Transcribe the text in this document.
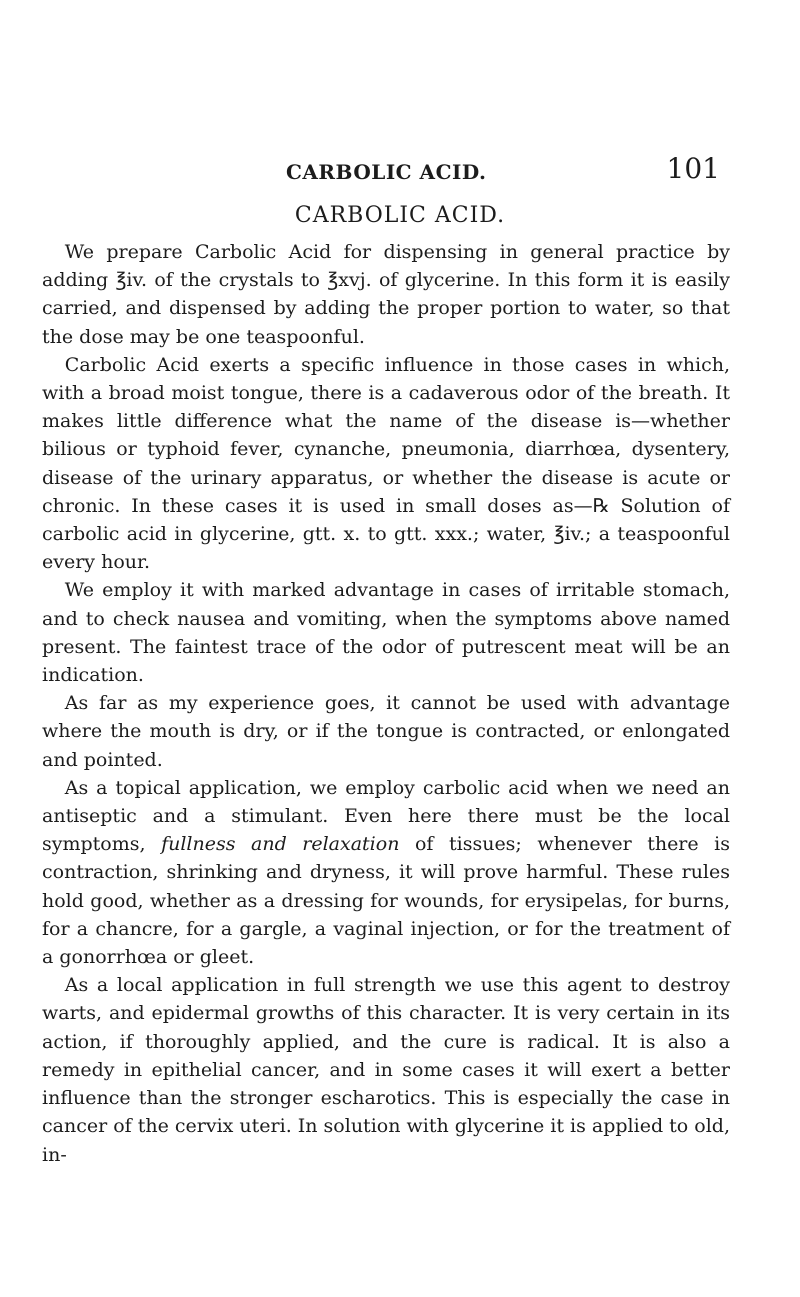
CARBOLIC ACID.	101
CARBOLIC ACID.

We prepare Carbolic Acid for dispensing in general practice by adding ℥iv. of the crystals to ℥xvj. of glycerine. In this form it is easily carried, and dispensed by adding the proper portion to water, so that the dose may be one teaspoonful.

Carbolic Acid exerts a specific influence in those cases in which, with a broad moist tongue, there is a cadaverous odor of the breath. It makes little difference what the name of the disease is—whether bilious or typhoid fever, cynanche, pneumonia, diarrhœa, dysentery, disease of the urinary apparatus, or whether the disease is acute or chronic. In these cases it is used in small doses as—℞ Solution of carbolic acid in glycerine, gtt. x. to gtt. xxx.; water, ℥iv.; a teaspoonful every hour.

We employ it with marked advantage in cases of irritable stomach, and to check nausea and vomiting, when the symptoms above named present. The faintest trace of the odor of putrescent meat will be an indication.

As far as my experience goes, it cannot be used with advantage where the mouth is dry, or if the tongue is contracted, or enlongated and pointed.

As a topical application, we employ carbolic acid when we need an antiseptic and a stimulant. Even here there must be the local symptoms, fullness and relaxation of tissues; whenever there is contraction, shrinking and dryness, it will prove harmful. These rules hold good, whether as a dressing for wounds, for erysipelas, for burns, for a chancre, for a gargle, a vaginal injection, or for the treatment of a gonorrhœa or gleet.

As a local application in full strength we use this agent to destroy warts, and epidermal growths of this character. It is very certain in its action, if thoroughly applied, and the cure is radical. It is also a remedy in epithelial cancer, and in some cases it will exert a better influence than the stronger escharotics. This is especially the case in cancer of the cervix uteri. In solution with glycerine it is applied to old, in-
